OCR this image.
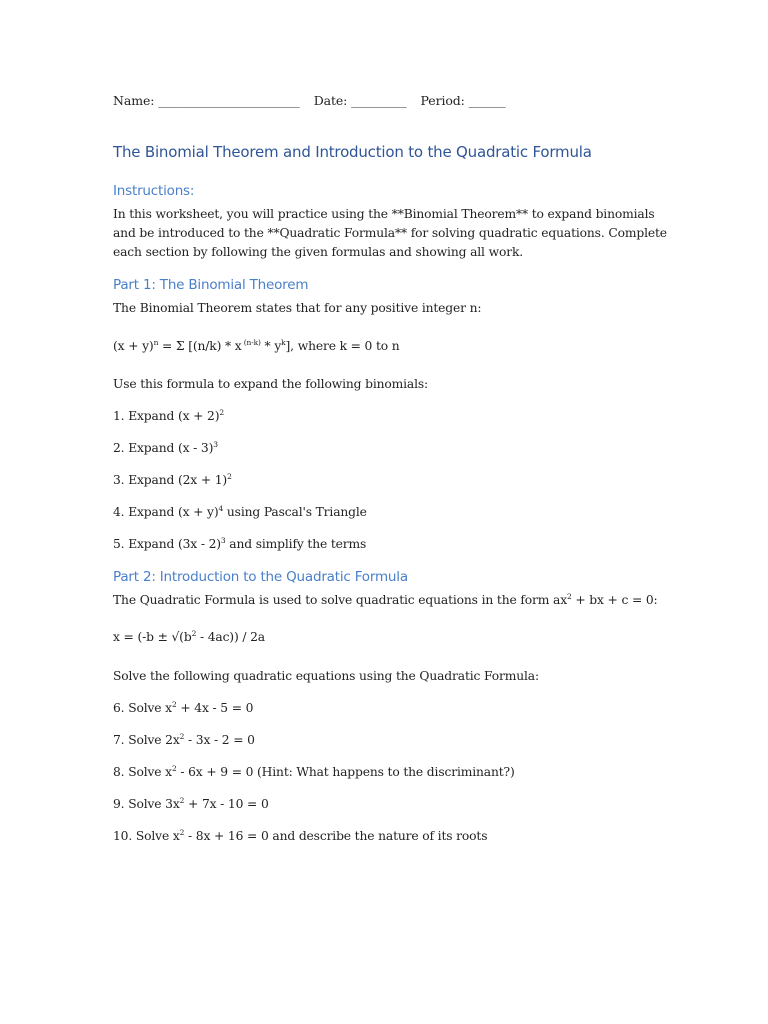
Name: _______________________ Date: _________ Period: ______
The Binomial Theorem and Introduction to the Quadratic Formula
Instructions:

In this worksheet, you will practice using the **Binomial Theorem** to expand binomials

and be introduced to the **Quadratic Formula** for solving quadratic equations. Complete

each section by following the given formulas and showing all work.

Part 1: The Binomial Theorem

The Binomial Theorem states that for any positive integer n:

$(x + y)^n = \Sigma$ [(n/k) * x $^{(n-k)} * y^k$], where k = 0 to n

Use this formula to expand the following binomials:

1. Expand $(x + 2)^2$

2. Expand (x - 3)$^3$

3. Expand $(2x + 1)^2$

4. Expand $(x + y)^4$ using Pascal's Triangle

5. Expand (3x - 2)$^3$ and simplify the terms

Part 2: Introduction to the Quadratic Formula

The Quadratic Formula is used to solve quadratic equations in the form $ax^2$ + bx + c = 0:

$x = (-b \pm √(b^2 - 4ac)) / 2a$

Solve the following quadratic equations using the Quadratic Formula:

6. Solve $x^2 + 4x - 5 = 0$

7. Solve $2x^2 - 3x - 2 = 0$

8. Solve $x^2 - 6x + 9 = 0$ (Hint: What happens to the discriminant?)

9. Solve $3x^2 + 7x - 10 = 0$

10. Solve $x^2 - 8x + 16 = 0$ and describe the nature of its roots
